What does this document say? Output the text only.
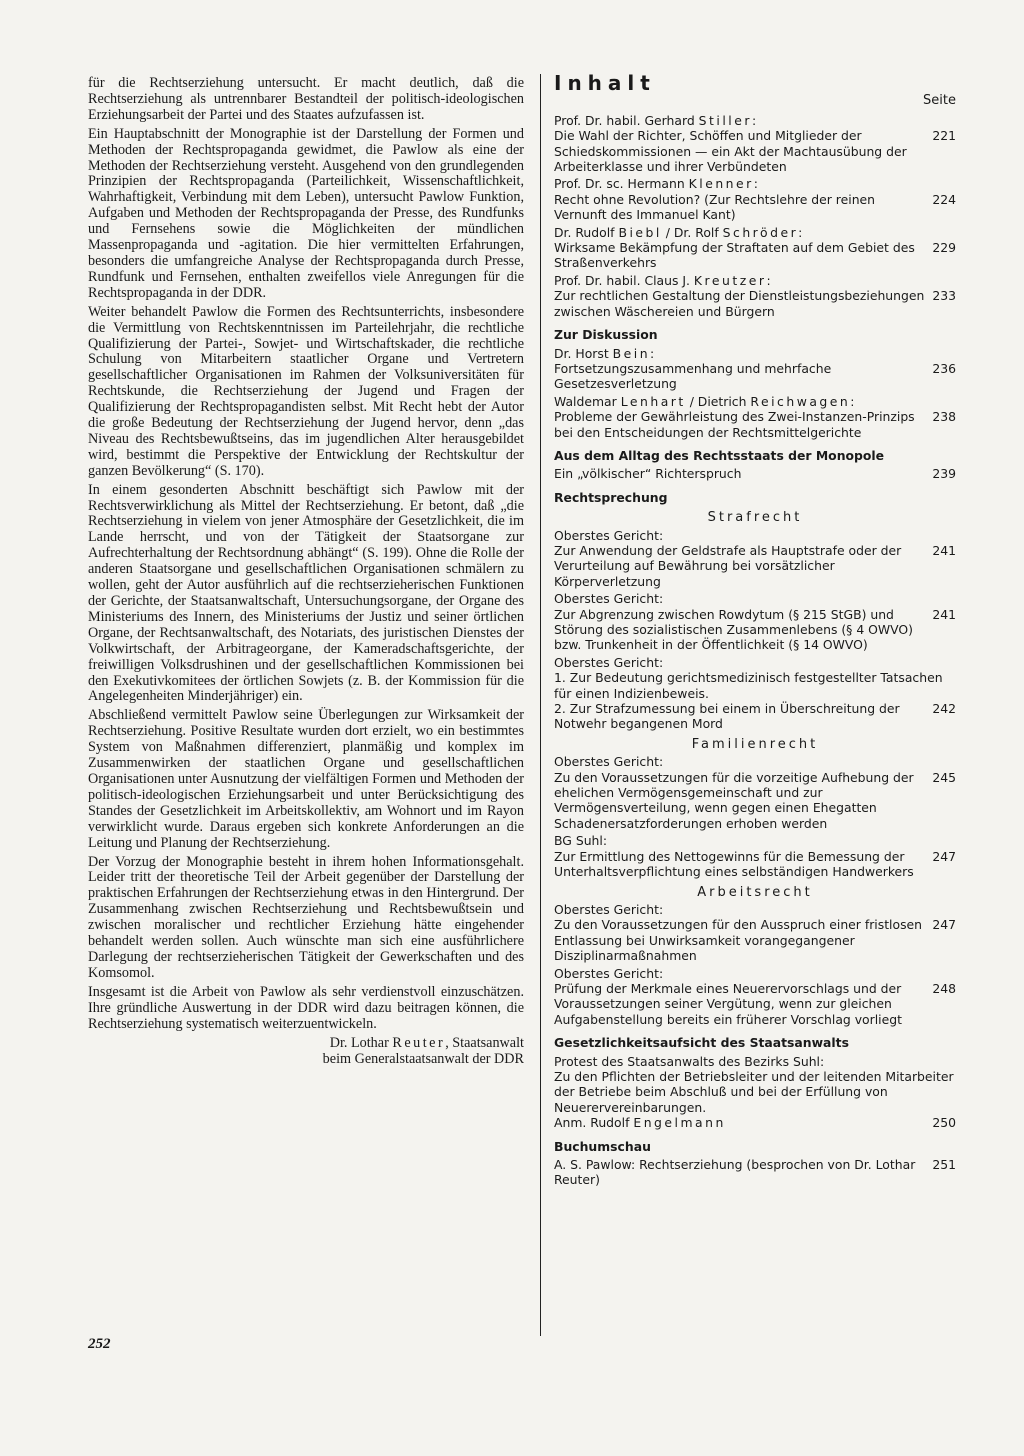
für die Rechtserziehung untersucht. Er macht deutlich, daß die Rechtserziehung als untrennbarer Bestandteil der politisch-ideologischen Erziehungsarbeit der Partei und des Staates aufzufassen ist.

Ein Hauptabschnitt der Monographie ist der Darstellung der Formen und Methoden der Rechtspropaganda gewidmet, die Pawlow als eine der Methoden der Rechtserziehung versteht. Ausgehend von den grundlegenden Prinzipien der Rechtspropaganda (Parteilichkeit, Wissenschaftlichkeit, Wahrhaftigkeit, Verbindung mit dem Leben), untersucht Pawlow Funktion, Aufgaben und Methoden der Rechtspropaganda der Presse, des Rundfunks und Fernsehens sowie die Möglichkeiten der mündlichen Massenpropaganda und -agitation. Die hier vermittelten Erfahrungen, besonders die umfangreiche Analyse der Rechtspropaganda durch Presse, Rundfunk und Fernsehen, enthalten zweifellos viele Anregungen für die Rechtspropaganda in der DDR.

Weiter behandelt Pawlow die Formen des Rechtsunterrichts, insbesondere die Vermittlung von Rechtskenntnissen im Parteilehrjahr, die rechtliche Qualifizierung der Partei-, Sowjet- und Wirtschaftskader, die rechtliche Schulung von Mitarbeitern staatlicher Organe und Vertretern gesellschaftlicher Organisationen im Rahmen der Volksuniversitäten für Rechtskunde, die Rechtserziehung der Jugend und Fragen der Qualifizierung der Rechtspropagandisten selbst. Mit Recht hebt der Autor die große Bedeutung der Rechtserziehung der Jugend hervor, denn „das Niveau des Rechtsbewußtseins, das im jugendlichen Alter herausgebildet wird, bestimmt die Perspektive der Entwicklung der Rechtskultur der ganzen Bevölkerung“ (S. 170).

In einem gesonderten Abschnitt beschäftigt sich Pawlow mit der Rechtsverwirklichung als Mittel der Rechtserziehung. Er betont, daß „die Rechtserziehung in vielem von jener Atmosphäre der Gesetzlichkeit, die im Lande herrscht, und von der Tätigkeit der Staatsorgane zur Aufrechterhaltung der Rechtsordnung abhängt“ (S. 199). Ohne die Rolle der anderen Staatsorgane und gesellschaftlichen Organisationen schmälern zu wollen, geht der Autor ausführlich auf die rechtserzieherischen Funktionen der Gerichte, der Staatsanwaltschaft, Untersuchungsorgane, der Organe des Ministeriums des Innern, des Ministeriums der Justiz und seiner örtlichen Organe, der Rechtsanwaltschaft, des Notariats, des juristischen Dienstes der Volkwirtschaft, der Arbitrageorgane, der Kameradschaftsgerichte, der freiwilligen Volksdrushinen und der gesellschaftlichen Kommissionen bei den Exekutivkomitees der örtlichen Sowjets (z. B. der Kommission für die Angelegenheiten Minderjähriger) ein.

Abschließend vermittelt Pawlow seine Überlegungen zur Wirksamkeit der Rechtserziehung. Positive Resultate wurden dort erzielt, wo ein bestimmtes System von Maßnahmen differenziert, planmäßig und komplex im Zusammenwirken der staatlichen Organe und gesellschaftlichen Organisationen unter Ausnutzung der vielfältigen Formen und Methoden der politisch-ideologischen Erziehungsarbeit und unter Berücksichtigung des Standes der Gesetzlichkeit im Arbeitskollektiv, am Wohnort und im Rayon verwirklicht wurde. Daraus ergeben sich konkrete Anforderungen an die Leitung und Planung der Rechtserziehung.

Der Vorzug der Monographie besteht in ihrem hohen Informationsgehalt. Leider tritt der theoretische Teil der Arbeit gegenüber der Darstellung der praktischen Erfahrungen der Rechtserziehung etwas in den Hintergrund. Der Zusammenhang zwischen Rechtserziehung und Rechtsbewußtsein und zwischen moralischer und rechtlicher Erziehung hätte eingehender behandelt werden sollen. Auch wünschte man sich eine ausführlichere Darlegung der rechtserzieherischen Tätigkeit der Gewerkschaften und des Komsomol.

Insgesamt ist die Arbeit von Pawlow als sehr verdienstvoll einzuschätzen. Ihre gründliche Auswertung in der DDR wird dazu beitragen können, die Rechtserziehung systematisch weiterzuentwickeln.

Dr. Lothar Reuter, Staatsanwalt
beim Generalstaatsanwalt der DDR
252
Inhalt
Seite
Prof. Dr. habil. Gerhard Stiller:
Die Wahl der Richter, Schöffen und Mitglieder der Schiedskommissionen — ein Akt der Machtausübung der Arbeiterklasse und ihrer Verbündeten
221
Prof. Dr. sc. Hermann Klenner:
Recht ohne Revolution? (Zur Rechtslehre der reinen Vernunft des Immanuel Kant)
224
Dr. Rudolf Biebl / Dr. Rolf Schröder:
Wirksame Bekämpfung der Straftaten auf dem Gebiet des Straßenverkehrs
229
Prof. Dr. habil. Claus J. Kreutzer:
Zur rechtlichen Gestaltung der Dienstleistungsbeziehungen zwischen Wäschereien und Bürgern
233
Zur Diskussion
Dr. Horst Bein:
Fortsetzungszusammenhang und mehrfache Gesetzesverletzung
236
Waldemar Lenhart / Dietrich Reichwagen:
Probleme der Gewährleistung des Zwei-Instanzen-Prinzips bei den Entscheidungen der Rechtsmittelgerichte
238
Aus dem Alltag des Rechtsstaats der Monopole
Ein „völkischer“ Richterspruch	239
Rechtsprechung
Strafrecht
Oberstes Gericht:
Zur Anwendung der Geldstrafe als Hauptstrafe oder der Verurteilung auf Bewährung bei vorsätzlicher Körperverletzung
241
Oberstes Gericht:
Zur Abgrenzung zwischen Rowdytum (§ 215 StGB) und Störung des sozialistischen Zusammenlebens (§ 4 OWVO) bzw. Trunkenheit in der Öffentlichkeit (§ 14 OWVO)
241
Oberstes Gericht:
1. Zur Bedeutung gerichtsmedizinisch festgestellter Tatsachen für einen Indizienbeweis.
2. Zur Strafzumessung bei einem in Überschreitung der Notwehr begangenen Mord
242
Familienrecht
Oberstes Gericht:
Zu den Voraussetzungen für die vorzeitige Aufhebung der ehelichen Vermögensgemeinschaft und zur Vermögensverteilung, wenn gegen einen Ehegatten Schadenersatzforderungen erhoben werden
245
BG Suhl:
Zur Ermittlung des Nettogewinns für die Bemessung der Unterhaltsverpflichtung eines selbständigen Handwerkers
247
Arbeitsrecht
Oberstes Gericht:
Zu den Voraussetzungen für den Ausspruch einer fristlosen Entlassung bei Unwirksamkeit vorangegangener Disziplinarmaßnahmen
247
Oberstes Gericht:
Prüfung der Merkmale eines Neuerervorschlags und der Voraussetzungen seiner Vergütung, wenn zur gleichen Aufgabenstellung bereits ein früherer Vorschlag vorliegt
248
Gesetzlichkeitsaufsicht des Staatsanwalts
Protest des Staatsanwalts des Bezirks Suhl:
Zu den Pflichten der Betriebsleiter und der leitenden Mitarbeiter der Betriebe beim Abschluß und bei der Erfüllung von Neuerervereinbarungen.
Anm. Rudolf Engelmann	250
Buchumschau
A. S. Pawlow: Rechtserziehung (besprochen von Dr. Lothar Reuter)
251
